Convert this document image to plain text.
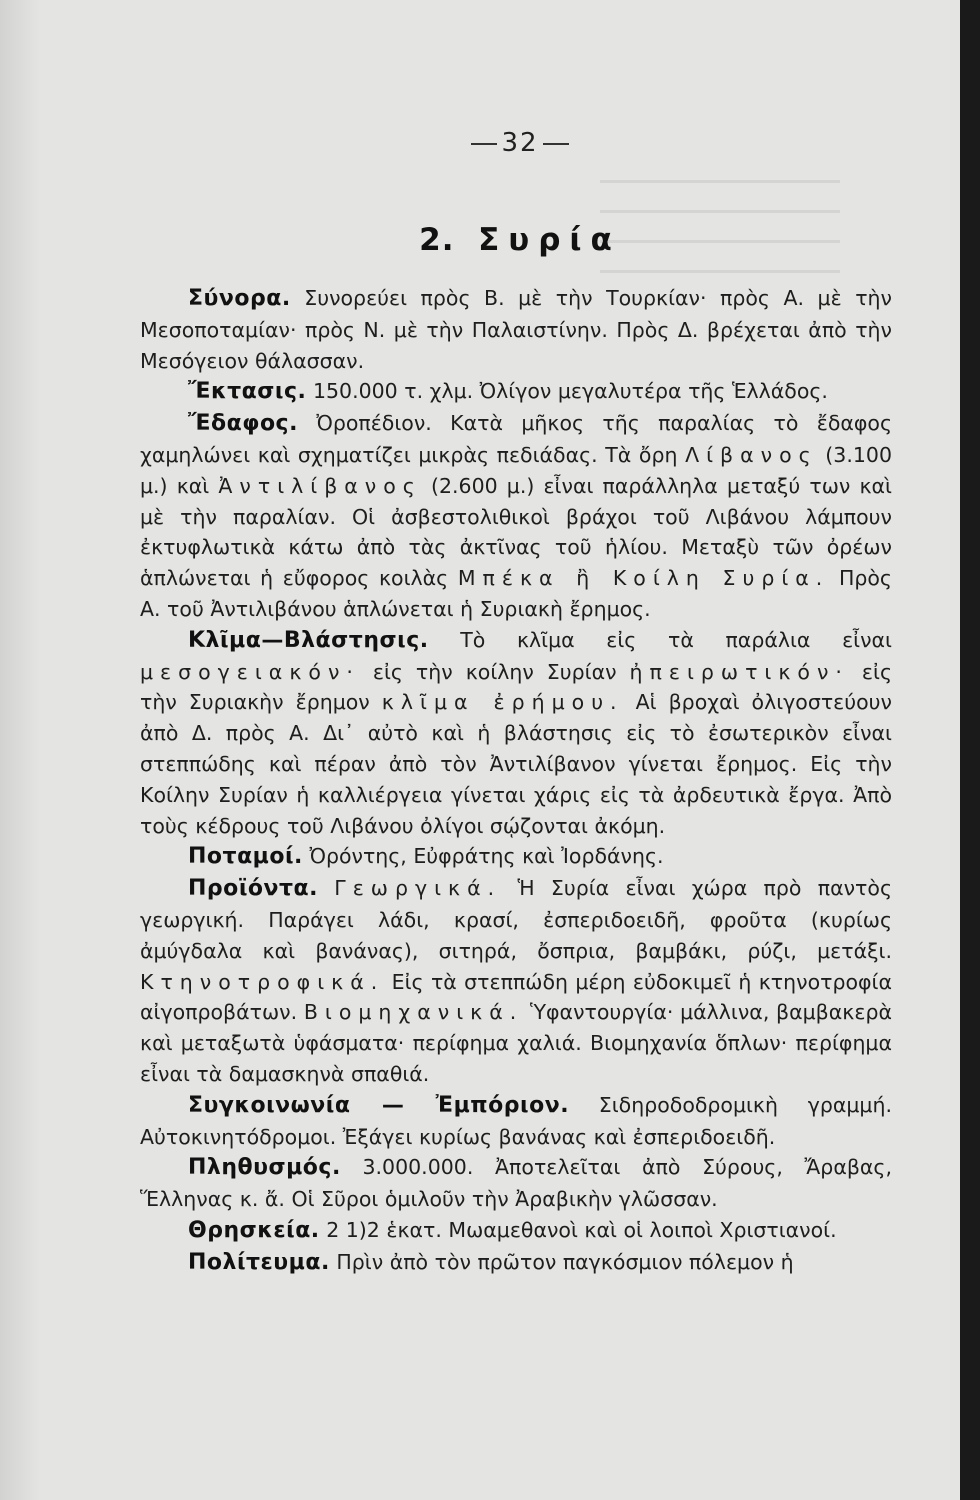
32
2. Συρία

Σύνορα. Συνορεύει πρὸς Β. μὲ τὴν Τουρκίαν· πρὸς Α. μὲ τὴν Μεσοποταμίαν· πρὸς Ν. μὲ τὴν Παλαιστίνην. Πρὸς Δ. βρέχεται ἀπὸ τὴν Μεσόγειον θάλασσαν.

Ἔκτασις. 150.000 τ. χλμ. Ὀλίγον μεγαλυτέρα τῆς Ἑλλάδος.

Ἔδαφος. Ὀροπέδιον. Κατὰ μῆκος τῆς παραλίας τὸ ἔδαφος χαμηλώνει καὶ σχηματίζει μικρὰς πεδιάδας. Τὰ ὄρη Λίβανος (3.100 μ.) καὶ Ἀντιλίβανος (2.600 μ.) εἶναι παράλληλα μεταξύ των καὶ μὲ τὴν παραλίαν. Οἱ ἀσβεστολιθικοὶ βράχοι τοῦ Λιβάνου λάμπουν ἐκτυφλωτικὰ κάτω ἀπὸ τὰς ἀκτῖνας τοῦ ἡλίου. Μεταξὺ τῶν ὀρέων ἁπλώνεται ἡ εὔφορος κοιλὰς Μπέκα ἢ Κοίλη Συρία. Πρὸς Α. τοῦ Ἀντιλιβάνου ἁπλώνεται ἡ Συριακὴ ἔρημος.

Κλῖμα—Βλάστησις. Τὸ κλῖμα εἰς τὰ παράλια εἶναι μεσογειακόν· εἰς τὴν κοίλην Συρίαν ἠπειρωτικόν· εἰς τὴν Συριακὴν ἔρημον κλῖμα ἐρήμου. Αἱ βροχαὶ ὀλιγοστεύουν ἀπὸ Δ. πρὸς Α. Δι᾽ αὐτὸ καὶ ἡ βλάστησις εἰς τὸ ἐσωτερικὸν εἶναι στεππώδης καὶ πέραν ἀπὸ τὸν Ἀντιλίβανον γίνεται ἔρημος. Εἰς τὴν Κοίλην Συρίαν ἡ καλλιέργεια γίνεται χάρις εἰς τὰ ἀρδευτικὰ ἔργα. Ἀπὸ τοὺς κέδρους τοῦ Λιβάνου ὀλίγοι σῴζονται ἀκόμη.

Ποταμοί. Ὀρόντης, Εὐφράτης καὶ Ἰορδάνης.

Προϊόντα. Γεωργικά. Ἡ Συρία εἶναι χώρα πρὸ παντὸς γεωργική. Παράγει λάδι, κρασί, ἐσπεριδοειδῆ, φροῦτα (κυρίως ἀμύγδαλα καὶ βανάνας), σιτηρά, ὄσπρια, βαμβάκι, ρύζι, μετάξι. Κτηνοτροφικά. Εἰς τὰ στεππώδη μέρη εὐδοκιμεῖ ἡ κτηνοτροφία αἰγοπροβάτων. Βιομηχανικά. Ὑφαντουργία· μάλλινα, βαμβακερὰ καὶ μεταξωτὰ ὑφάσματα· περίφημα χαλιά. Βιομηχανία ὅπλων· περίφημα εἶναι τὰ δαμασκηνὰ σπαθιά.

Συγκοινωνία — Ἐμπόριον. Σιδηροδοδρομικὴ γραμμή. Αὐτοκινητόδρομοι. Ἐξάγει κυρίως βανάνας καὶ ἐσπεριδοειδῆ.

Πληθυσμός. 3.000.000. Ἀποτελεῖται ἀπὸ Σύρους, Ἄραβας, Ἕλληνας κ. ἄ. Οἱ Σῦροι ὁμιλοῦν τὴν Ἀραβικὴν γλῶσσαν.

Θρησκεία. 2 1)2 ἑκατ. Μωαμεθανοὶ καὶ οἱ λοιποὶ Χριστιανοί.

Πολίτευμα. Πρὶν ἀπὸ τὸν πρῶτον παγκόσμιον πόλεμον ἡ
